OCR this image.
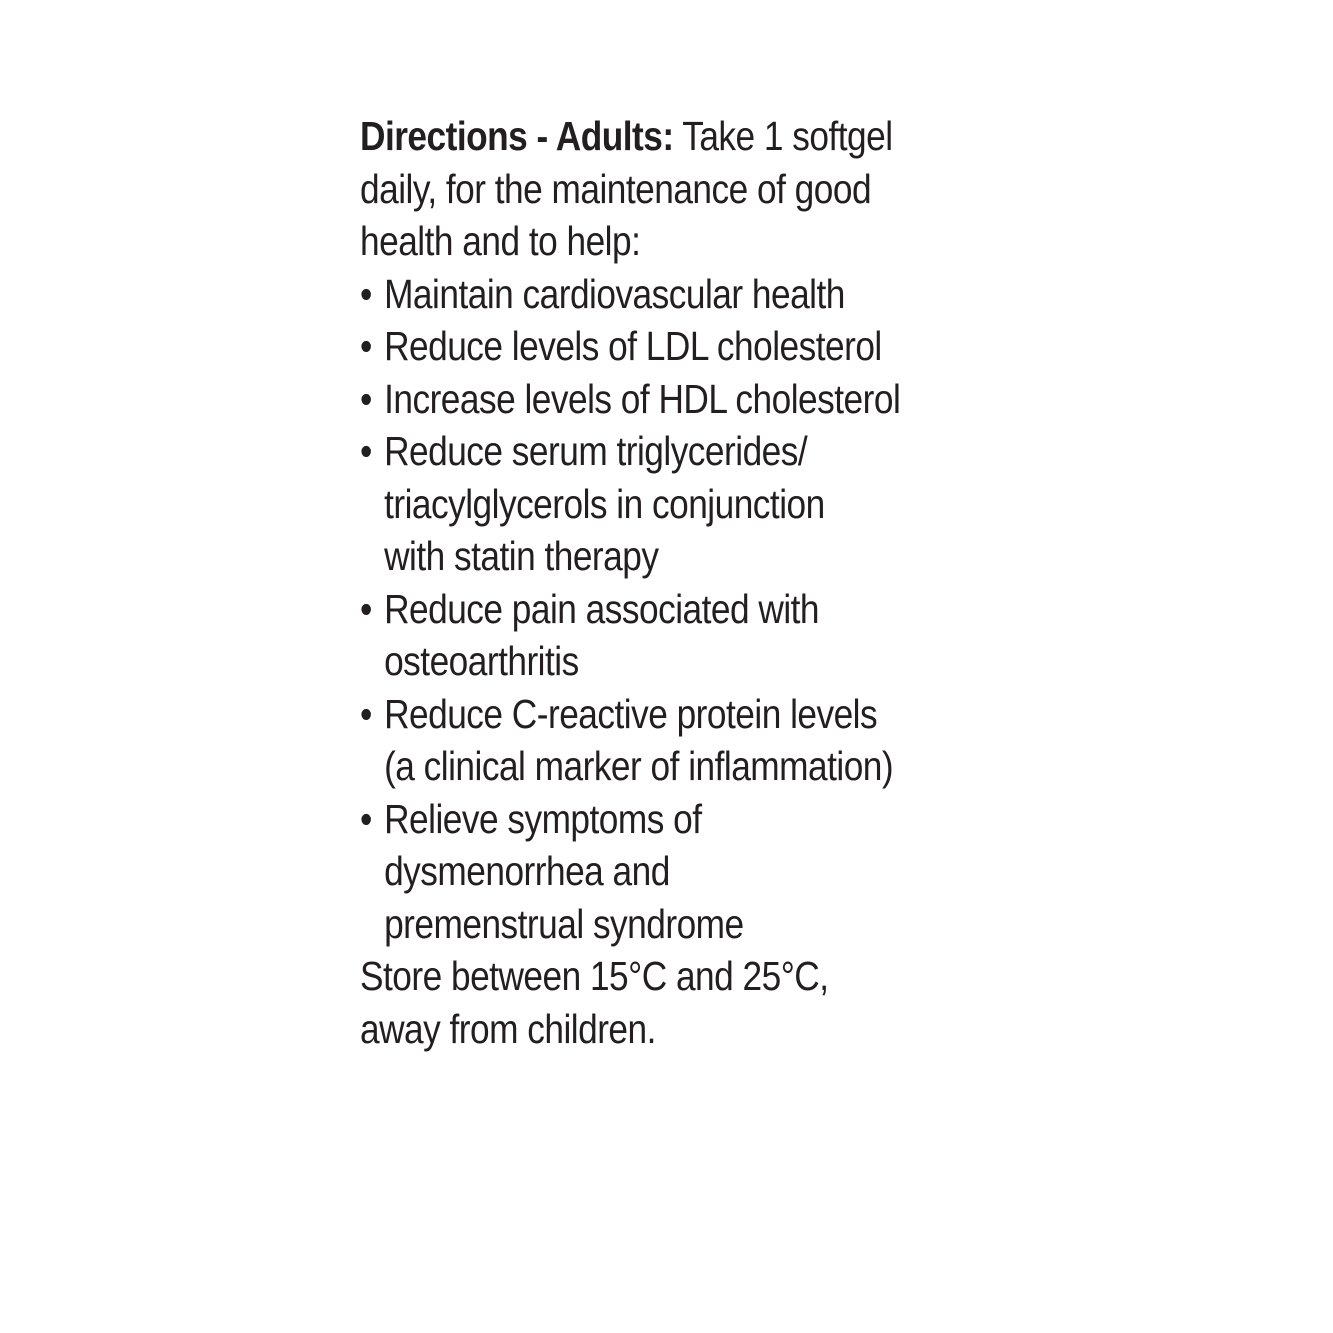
Directions - Adults: Take 1 softgel
daily, for the maintenance of good
health and to help:
• Maintain cardiovascular health
• Reduce levels of LDL cholesterol
• Increase levels of HDL cholesterol
• Reduce serum triglycerides/
triacylglycerols in conjunction
with statin therapy
• Reduce pain associated with
osteoarthritis
• Reduce C-reactive protein levels
(a clinical marker of inflammation)
• Relieve symptoms of
dysmenorrhea and
premenstrual syndrome
Store between 15°C and 25°C,
away from children.
